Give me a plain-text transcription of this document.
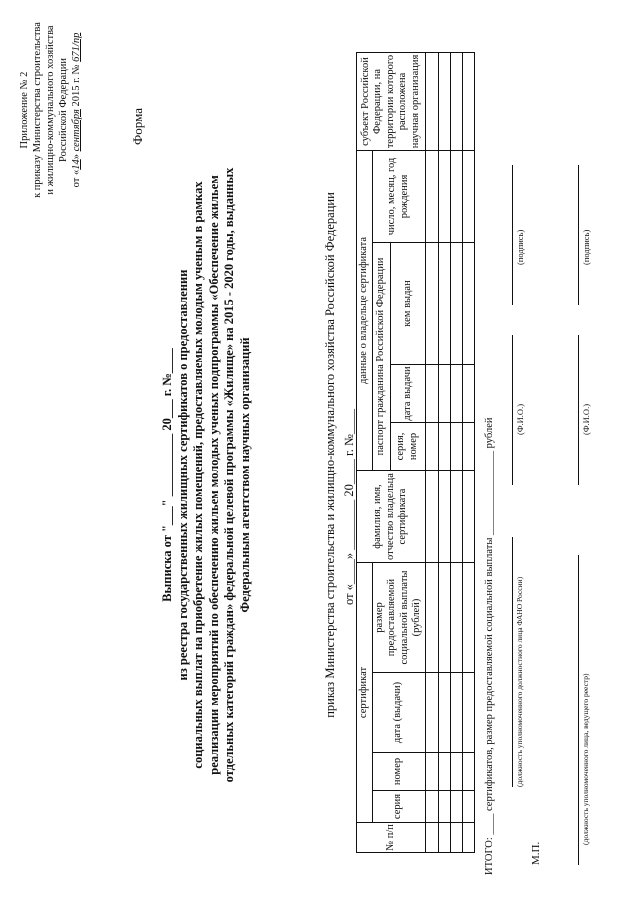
Приложение № 2 к приказу Министерства строительства и жилищно-коммунального хозяйства Российской Федерации
от «14» сентября 2015 г. № 671/пр
Форма
Выписка от "___" __________ 20___ г. №____ из реестра государственных жилищных сертификатов о предоставлении социальных выплат на приобретение жилых помещений, предоставляемых молодым ученым в рамках реализации мероприятий по обеспечению жильем молодых ученых подпрограммы «Обеспечение жильем отдельных категорий граждан» федеральной целевой программы «Жилище» на 2015 - 2020 годы, выданных Федеральным агентством научных организаций	приказ Министерства строительства и жилищно-коммунального хозяйства Российской Федерации от «____» ________ 20____ г. №____
№ п/п	сертификат				фамилия, имя, отчество владельца сертификата	данные о владельце сертификата				субъект Российской Федерации, на территории которого расположена научная организация
	серия	номер	дата (выдачи)	размер предоставляемой социальной выплаты (рублей)		паспорт гражданина Российской Федерации			число, месяц, год рождения	
						серия, номер	дата выдачи	кем выдан		

ИТОГО: ____ сертификатов, размер предоставляемой социальной выплаты ________________ рублей	(должность уполномоченного должностного лица ФАНО России)
(Ф.И.О.)
(подпись)
М.П.
(должность уполномоченного лица, ведущего реестр)
(Ф.И.О.)
(подпись)
